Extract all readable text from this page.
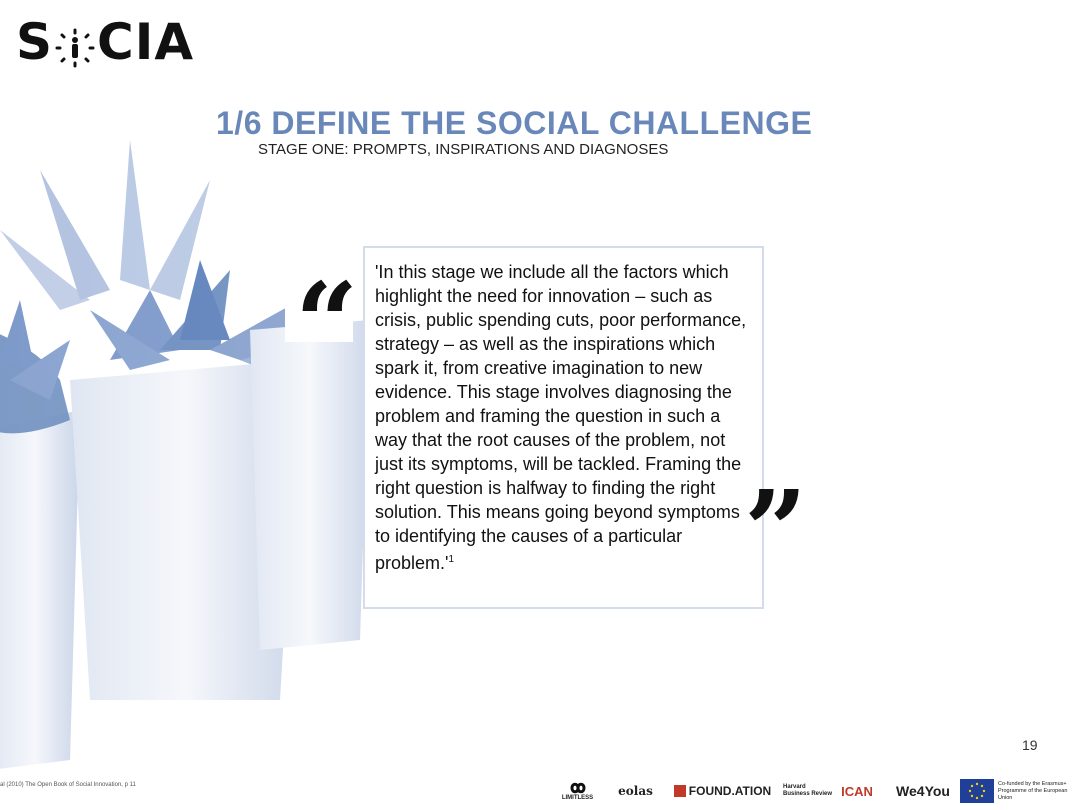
S CIA
1/6 DEFINE THE SOCIAL CHALLENGE
STAGE ONE: PROMPTS, INSPIRATIONS AND DIAGNOSES
“ 'In this stage we include all the factors which highlight the need for innovation – such as crisis, public spending cuts, poor performance, strategy – as well as the inspirations which spark it, from creative imagination to new evidence. This stage involves diagnosing the problem and framing the question in such a way that the root causes of the problem, not just its symptoms, will be tackled. Framing the right question is halfway to finding the right solution. This means going beyond symptoms to identifying the causes of a particular $problem.'^1$	”
19
al (2010) The Open Book of Social Innovation, p 11
LIMITLESS eolas	FOUND.ATION Harvard Business Review ICAN We4You	Co-funded by the Erasmus+ Programme of the European Union
